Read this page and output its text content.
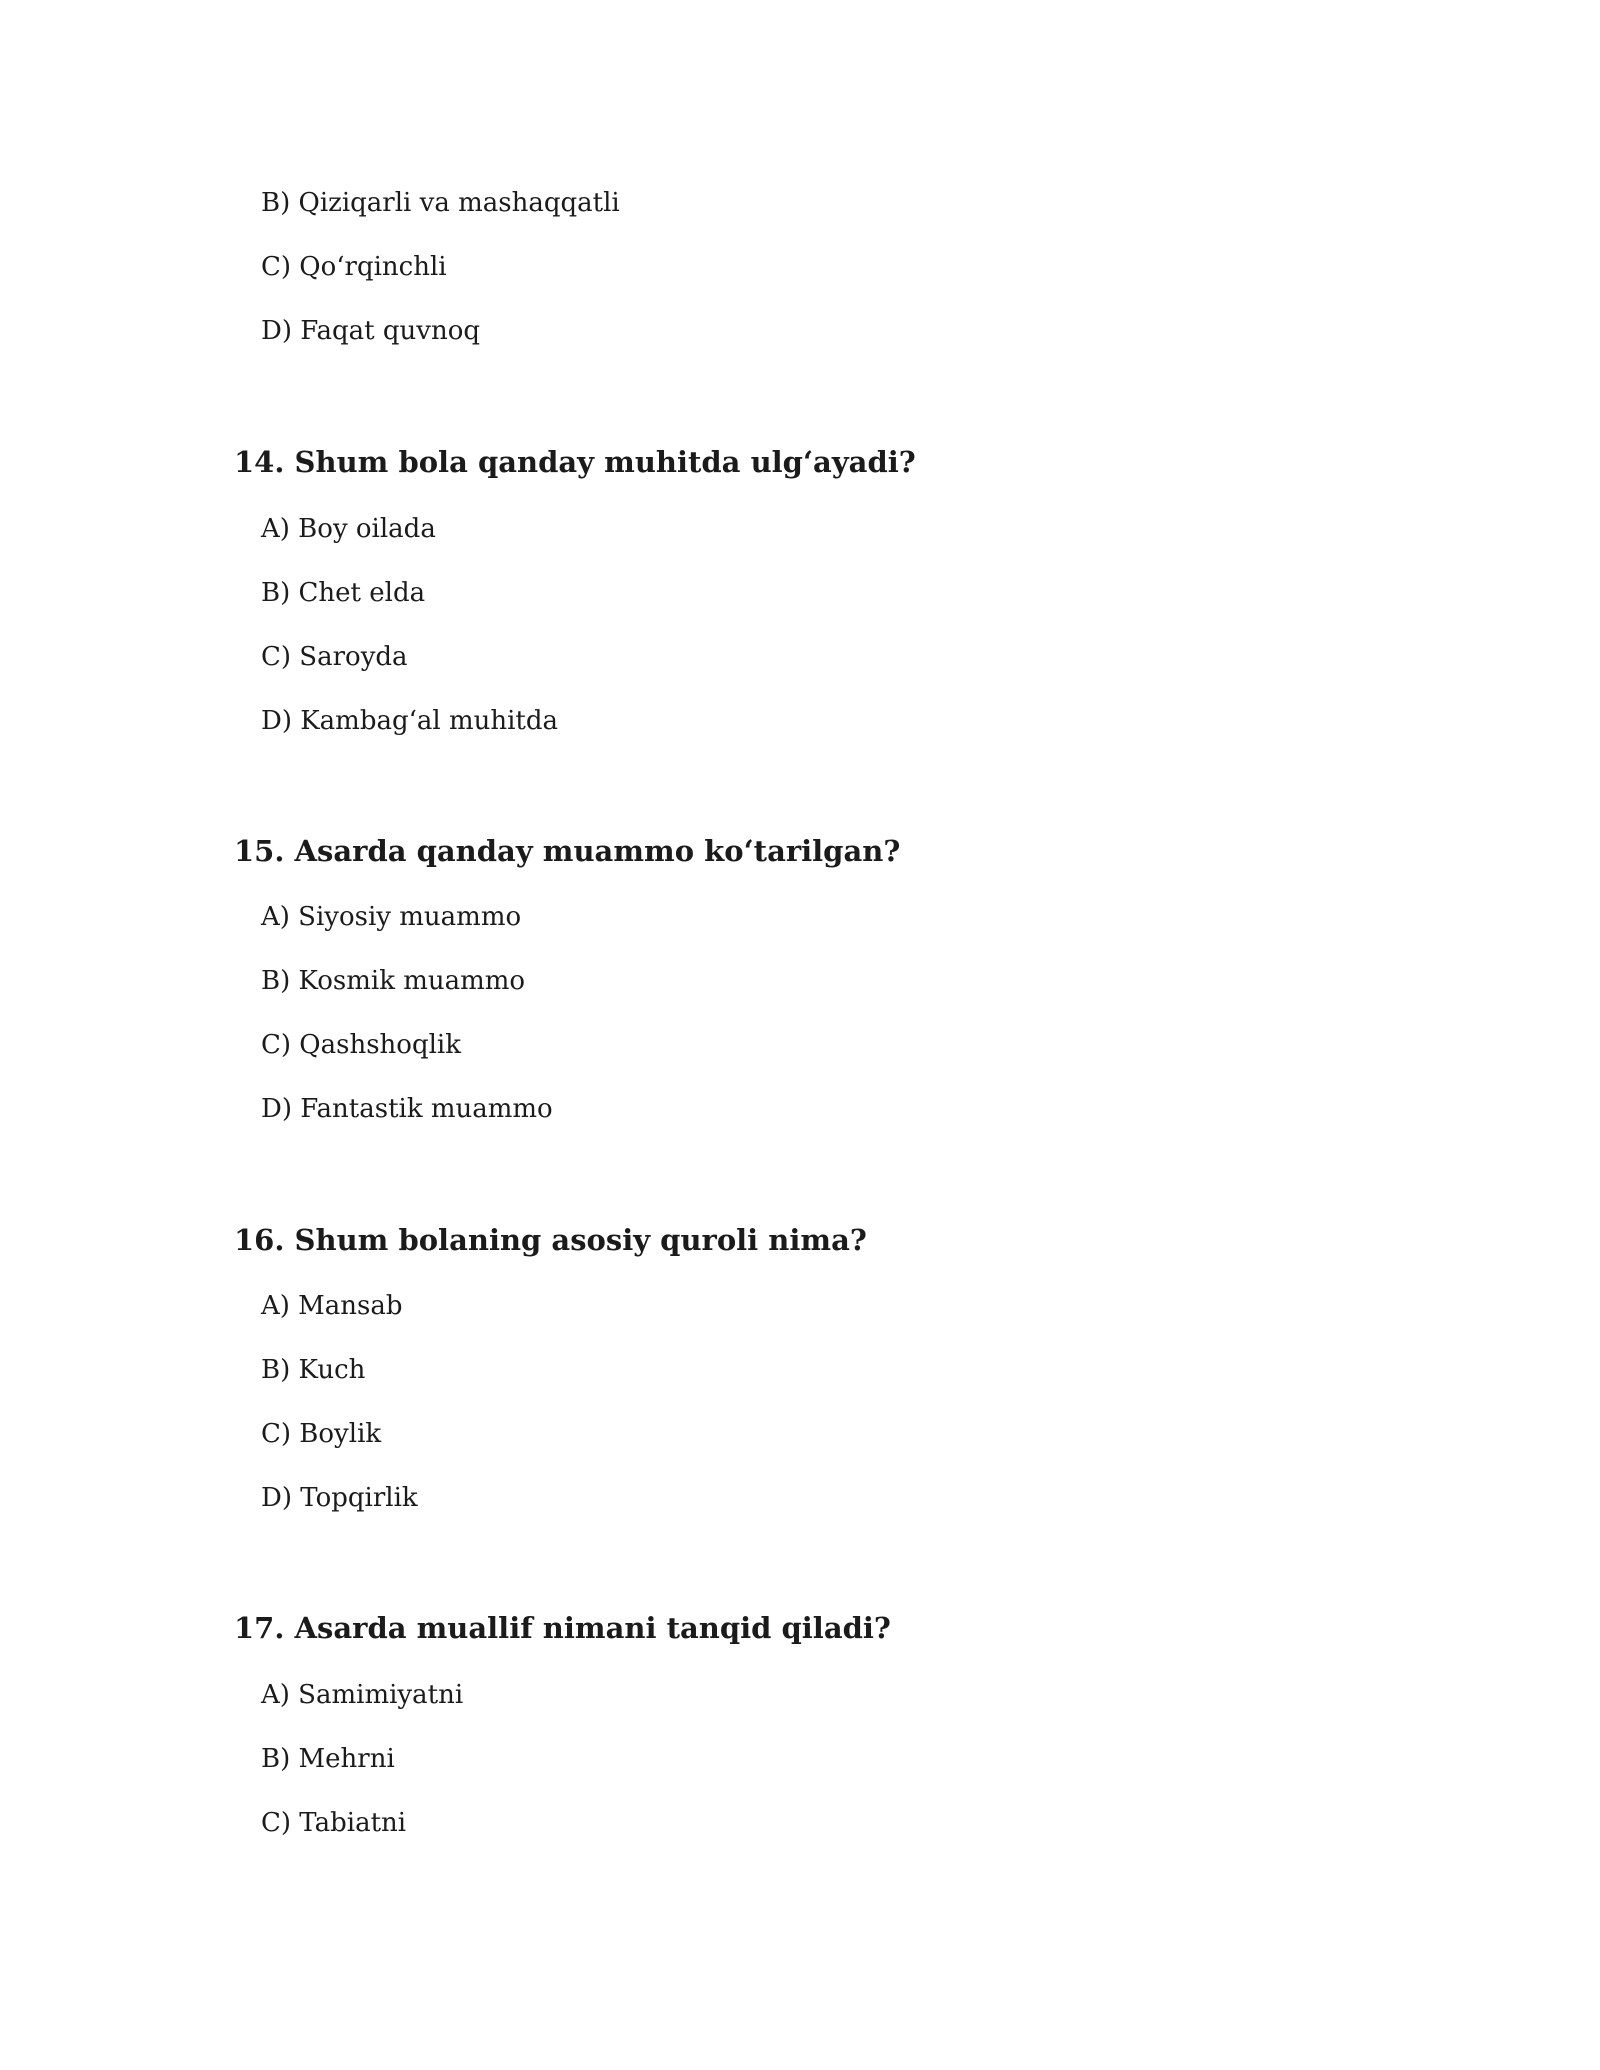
B) Qiziqarli va mashaqqatli
C) Qo‘rqinchli
D) Faqat quvnoq
14. Shum bola qanday muhitda ulg‘ayadi?
A) Boy oilada
B) Chet elda
C) Saroyda
D) Kambag‘al muhitda
15. Asarda qanday muammo ko‘tarilgan?
A) Siyosiy muammo
B) Kosmik muammo
C) Qashshoqlik
D) Fantastik muammo
16. Shum bolaning asosiy quroli nima?
A) Mansab
B) Kuch
C) Boylik
D) Topqirlik
17. Asarda muallif nimani tanqid qiladi?
A) Samimiyatni
B) Mehrni
C) Tabiatni
